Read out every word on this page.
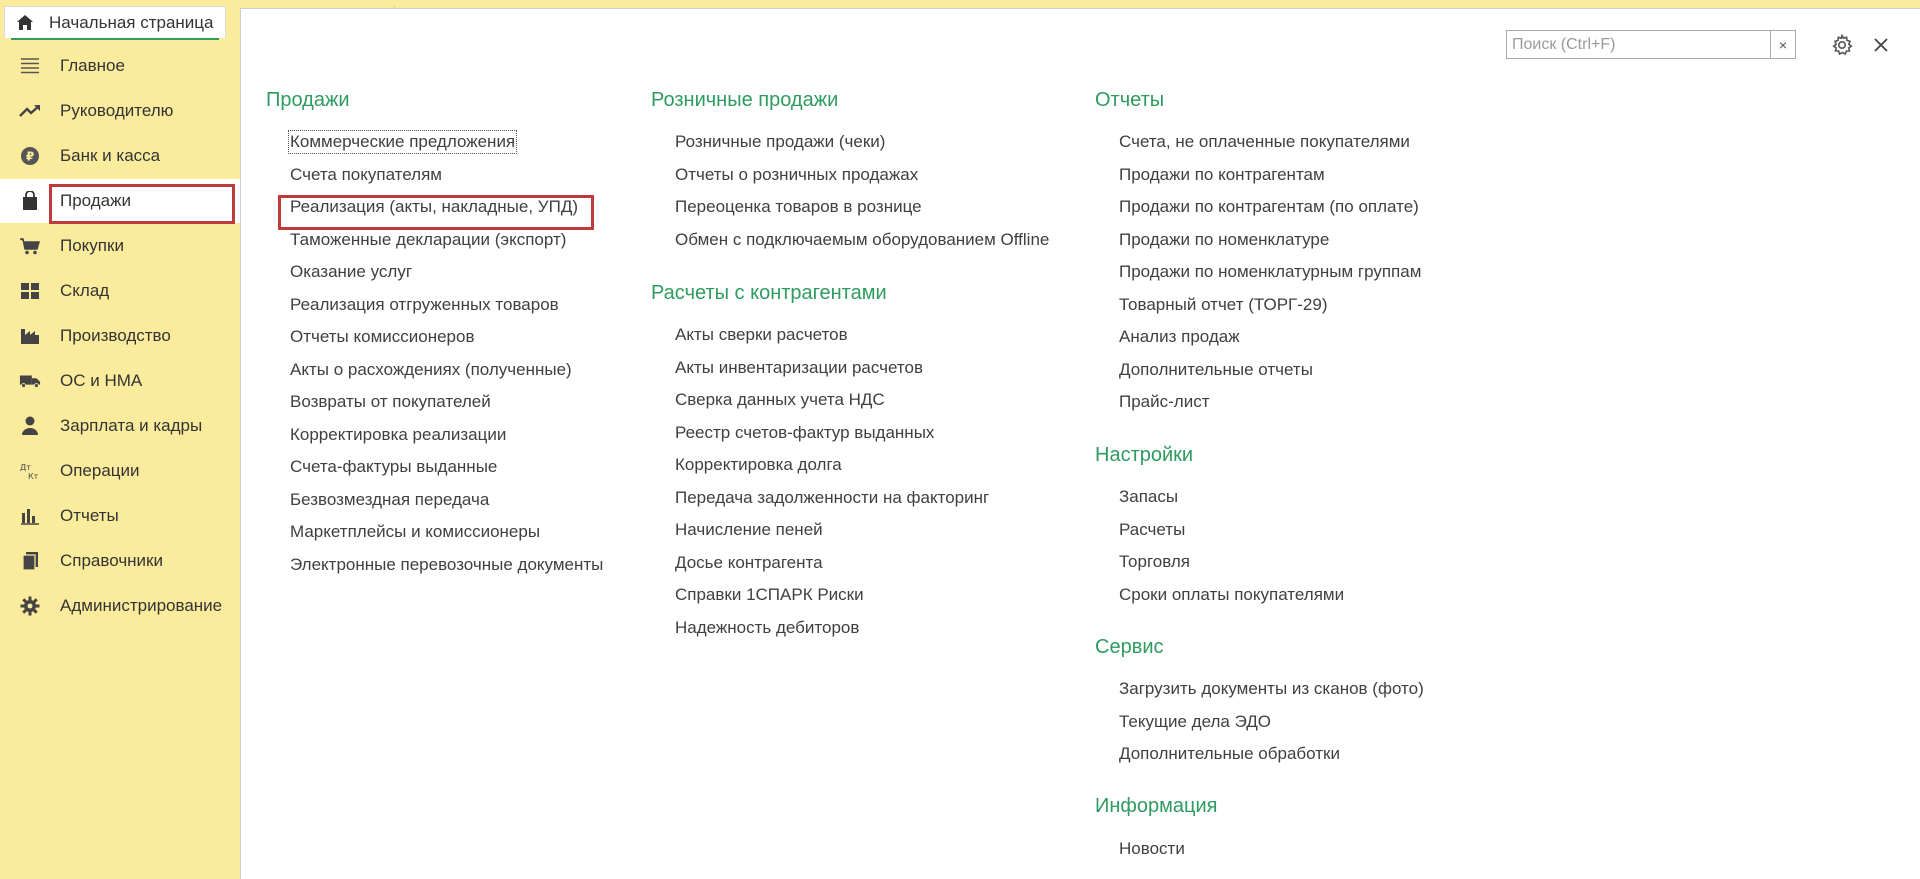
Начальная страница
Главное
Руководителю
₽ Банк и касса
Продажи
Покупки
Склад
Производство
ОС и НМА
Зарплата и кадры
Дт
Кт Операции
Отчеты
Справочники
Администрирование
Поиск (Ctrl+F)
×
Продажи
Коммерческие предложения
Счета покупателям
Реализация (акты, накладные, УПД)
Таможенные декларации (экспорт)
Оказание услуг
Реализация отгруженных товаров
Отчеты комиссионеров
Акты о расхождениях (полученные)
Возвраты от покупателей
Корректировка реализации
Счета-фактуры выданные
Безвозмездная передача
Маркетплейсы и комиссионеры
Электронные перевозочные документы
Розничные продажи
Розничные продажи (чеки)
Отчеты о розничных продажах
Переоценка товаров в рознице
Обмен с подключаемым оборудованием Offline
Расчеты с контрагентами
Акты сверки расчетов
Акты инвентаризации расчетов
Сверка данных учета НДС
Реестр счетов-фактур выданных
Корректировка долга
Передача задолженности на факторинг
Начисление пеней
Досье контрагента
Справки 1СПАРК Риски
Надежность дебиторов
Отчеты
Счета, не оплаченные покупателями
Продажи по контрагентам
Продажи по контрагентам (по оплате)
Продажи по номенклатуре
Продажи по номенклатурным группам
Товарный отчет (ТОРГ-29)
Анализ продаж
Дополнительные отчеты
Прайс-лист
Настройки
Запасы
Расчеты
Торговля
Сроки оплаты покупателями
Сервис
Загрузить документы из сканов (фото)
Текущие дела ЭДО
Дополнительные обработки
Информация
Новости
